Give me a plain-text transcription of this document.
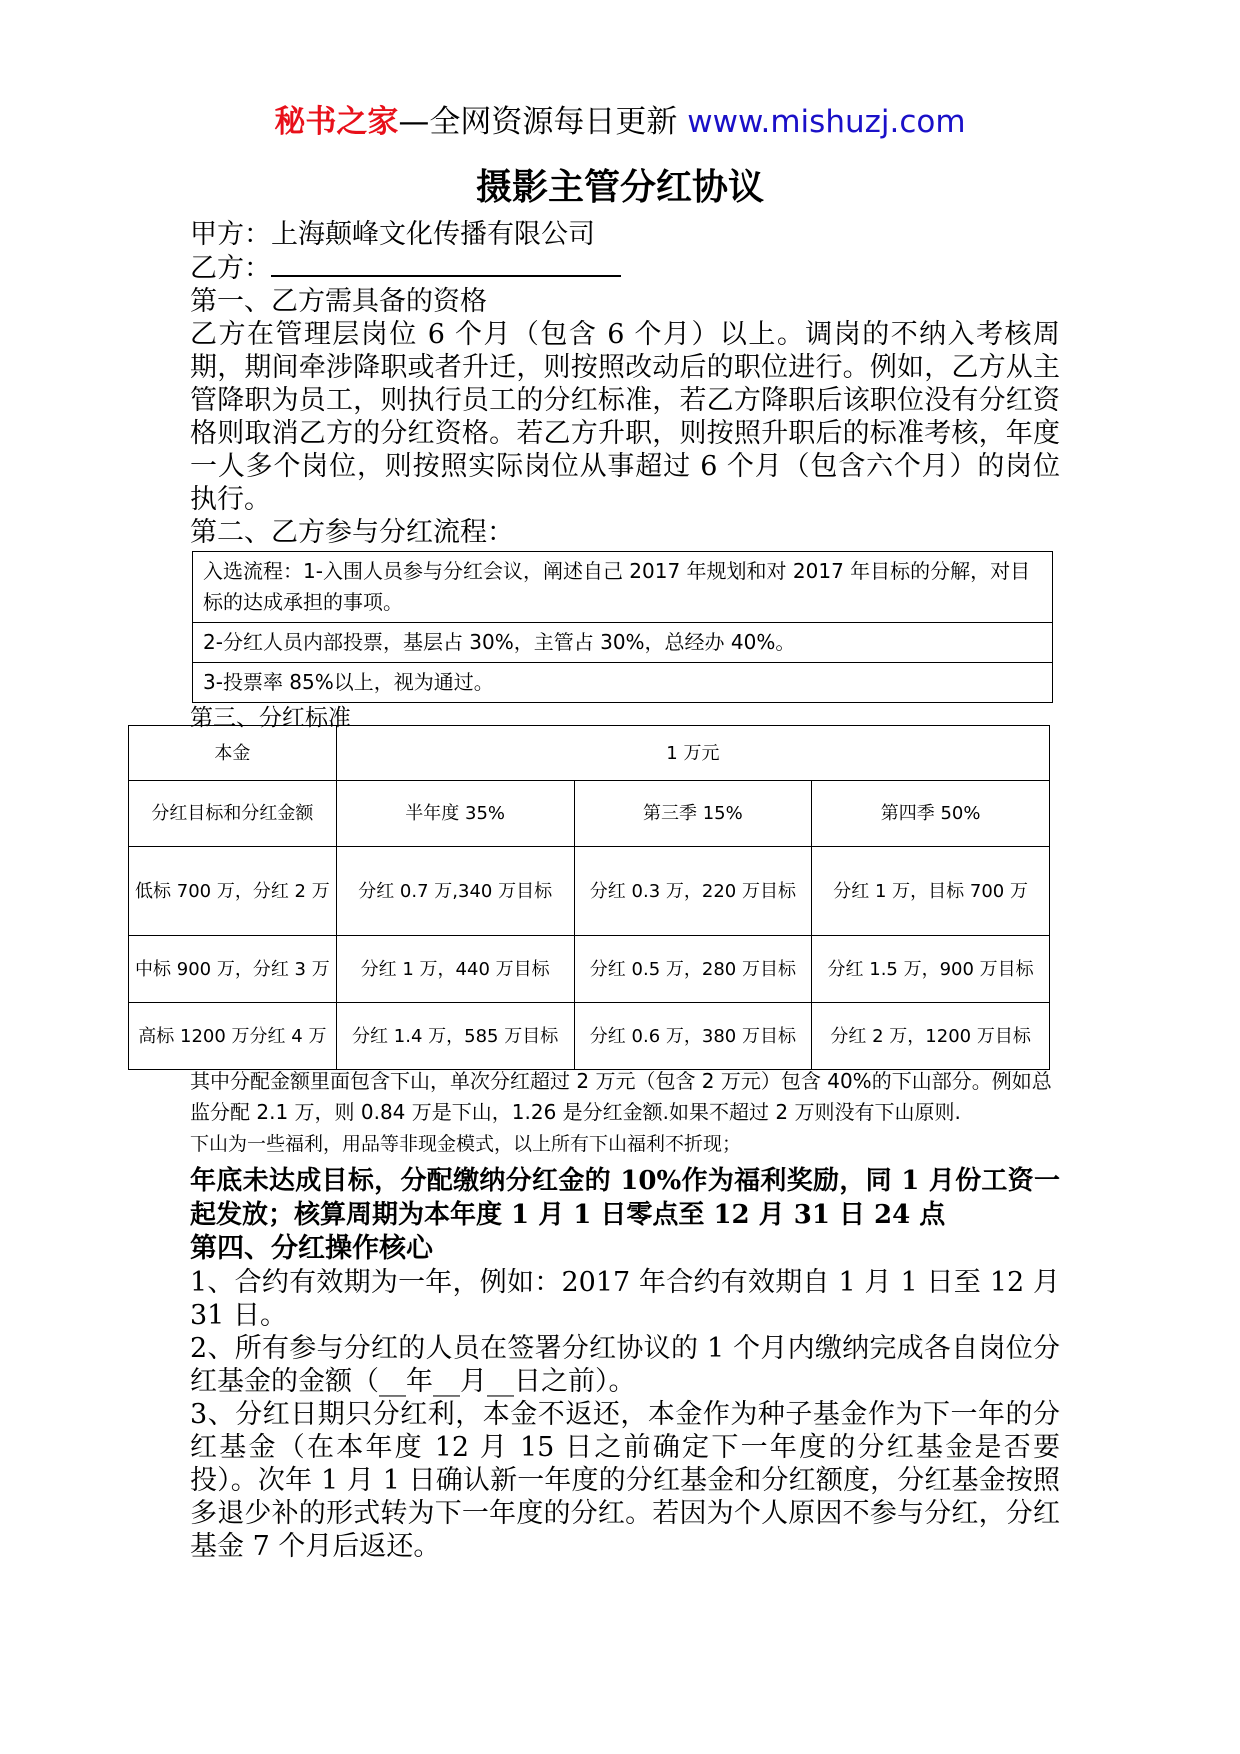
秘书之家—全网资源每日更新 www.mishuzj.com
摄影主管分红协议
甲方：上海颠峰文化传播有限公司
乙方：
第一、乙方需具备的资格
乙方在管理层岗位 6 个月（包含 6 个月）以上。调岗的不纳入考核周期，期间牵涉降职或者升迁，则按照改动后的职位进行。例如，乙方从主管降职为员工，则执行员工的分红标准，若乙方降职后该职位没有分红资格则取消乙方的分红资格。若乙方升职，则按照升职后的标准考核，年度一人多个岗位，则按照实际岗位从事超过 6 个月（包含六个月）的岗位执行。
第二、乙方参与分红流程：
入选流程：1-入围人员参与分红会议，阐述自己 2017 年规划和对 2017 年目标的分解，对目标的达成承担的事项。
2-分红人员内部投票，基层占 30%，主管占 30%，总经办 40%。
3-投票率 85%以上，视为通过。
第三、分红标准
本金	1 万元		
分红目标和分红金额	半年度 35%	第三季 15%	第四季 50%
低标 700 万，分红 2 万	分红 0.7 万,340 万目标	分红 0.3 万，220 万目标	分红 1 万，目标 700 万
中标 900 万，分红 3 万	分红 1 万，440 万目标	分红 0.5 万，280 万目标	分红 1.5 万，900 万目标
高标 1200 万分红 4 万	分红 1.4 万，585 万目标	分红 0.6 万，380 万目标	分红 2 万，1200 万目标
其中分配金额里面包含下山，单次分红超过 2 万元（包含 2 万元）包含 40%的下山部分。例如总监分配 2.1 万，则 0.84 万是下山，1.26 是分红金额.如果不超过 2 万则没有下山原则.
下山为一些福利，用品等非现金模式，以上所有下山福利不折现；
年底未达成目标，分配缴纳分红金的 10%作为福利奖励，同 1 月份工资一起发放；核算周期为本年度 1 月 1 日零点至 12 月 31 日 24 点
第四、分红操作核心
1、合约有效期为一年，例如：2017 年合约有效期自 1 月 1 日至 12 月 31 日。
2、所有参与分红的人员在签署分红协议的 1 个月内缴纳完成各自岗位分红基金的金额（__年__月__日之前）。
3、分红日期只分红利，本金不返还，本金作为种子基金作为下一年的分红基金（在本年度 12 月 15 日之前确定下一年度的分红基金是否要投）。次年 1 月 1 日确认新一年度的分红基金和分红额度，分红基金按照多退少补的形式转为下一年度的分红。若因为个人原因不参与分红，分红基金 7 个月后返还。
